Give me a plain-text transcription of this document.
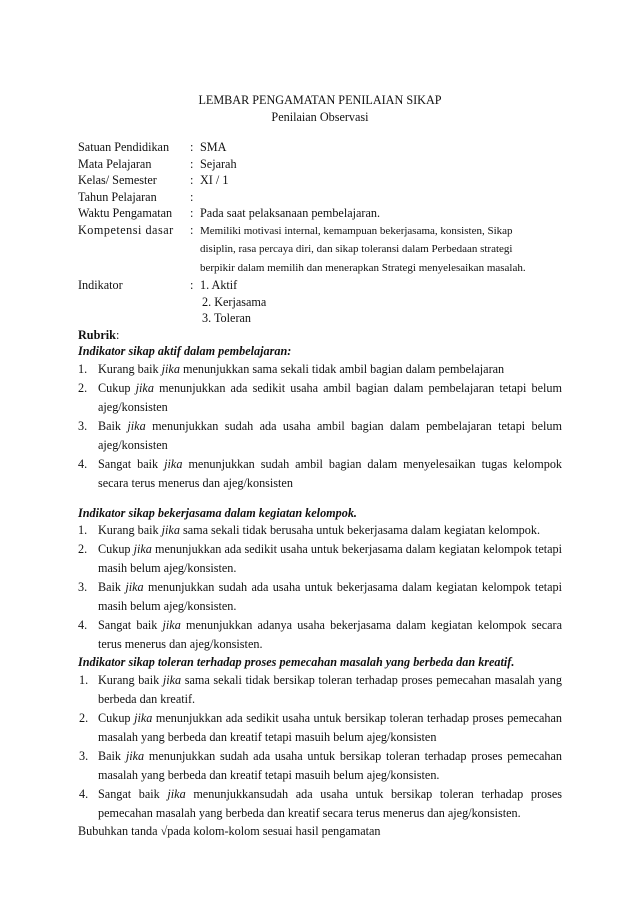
LEMBAR PENGAMATAN PENILAIAN SIKAP
Penilaian Observasi
Satuan Pendidikan	: SMA
Mata Pelajaran	: Sejarah
Kelas/ Semester	: XI / 1
Tahun Pelajaran	:
Waktu Pengamatan	: Pada saat pelaksanaan pembelajaran.
Kompetensi dasar	: Memiliki motivasi internal, kemampuan bekerjasama, konsisten, Sikap
disiplin, rasa percaya diri, dan sikap toleransi dalam Perbedaan strategi
berpikir dalam memilih dan menerapkan Strategi menyelesaikan masalah.
Indikator	: 1. Aktif
2. Kerjasama
3. Toleran
Rubrik:
Indikator sikap aktif dalam pembelajaran:
1. Kurang baik jika menunjukkan sama sekali tidak ambil bagian dalam pembelajaran
2. Cukup jika menunjukkan ada sedikit usaha ambil bagian dalam pembelajaran tetapi belum ajeg/konsisten
3. Baik jika menunjukkan sudah ada usaha ambil bagian dalam pembelajaran tetapi belum ajeg/konsisten
4. Sangat baik jika menunjukkan sudah ambil bagian dalam menyelesaikan tugas kelompok secara terus menerus dan ajeg/konsisten
Indikator sikap bekerjasama dalam kegiatan kelompok.
1. Kurang baik jika sama sekali tidak berusaha untuk bekerjasama dalam kegiatan kelompok.
2. Cukup jika menunjukkan ada sedikit usaha untuk bekerjasama dalam kegiatan kelompok tetapi masih belum ajeg/konsisten.
3. Baik jika menunjukkan sudah ada usaha untuk bekerjasama dalam kegiatan kelompok tetapi masih belum ajeg/konsisten.
4. Sangat baik jika menunjukkan adanya usaha bekerjasama dalam kegiatan kelompok secara terus menerus dan ajeg/konsisten.
Indikator sikap toleran terhadap proses pemecahan masalah yang berbeda dan kreatif.
1. Kurang baik jika sama sekali tidak bersikap toleran terhadap proses pemecahan masalah yang berbeda dan kreatif.
2. Cukup jika menunjukkan ada sedikit usaha untuk bersikap toleran terhadap proses pemecahan masalah yang berbeda dan kreatif tetapi masuih belum ajeg/konsisten
3. Baik jika menunjukkan sudah ada usaha untuk bersikap toleran terhadap proses pemecahan masalah yang berbeda dan kreatif tetapi masuih belum ajeg/konsisten.
4. Sangat baik jika menunjukkansudah ada usaha untuk bersikap toleran terhadap proses pemecahan masalah yang berbeda dan kreatif secara terus menerus dan ajeg/konsisten.
Bubuhkan tanda √pada kolom-kolom sesuai hasil pengamatan
